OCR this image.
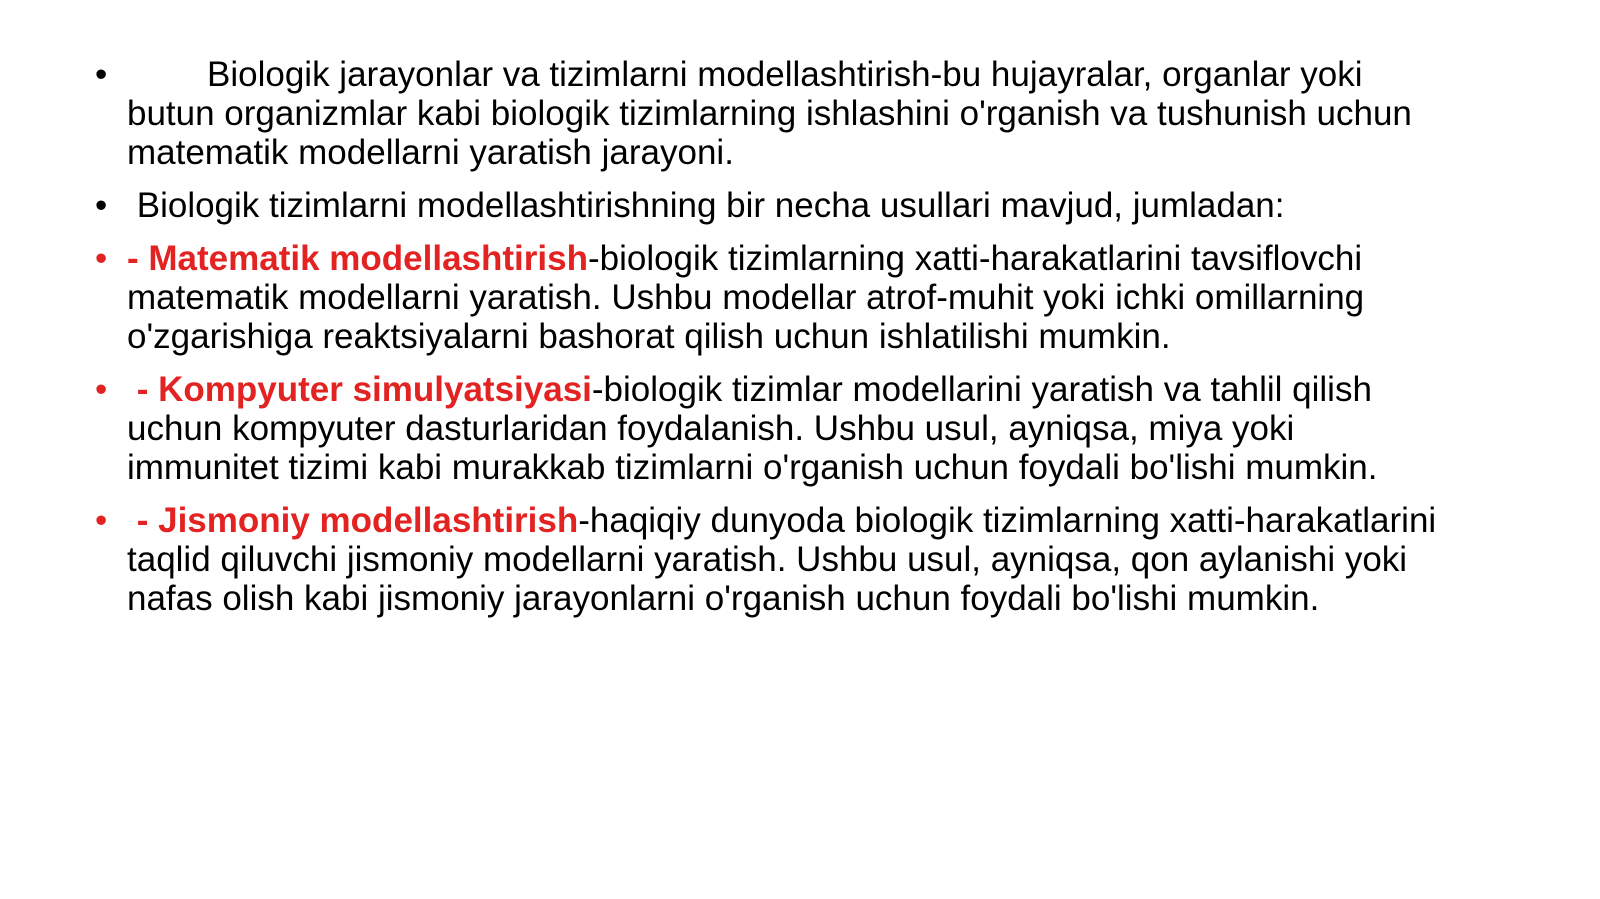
•	Biologik jarayonlar va tizimlarni modellashtirish-bu hujayralar, organlar yoki butun organizmlar kabi biologik tizimlarning ishlashini o'rganish va tushunish uchun matematik modellarni yaratish jarayoni.
• Biologik tizimlarni modellashtirishning bir necha usullari mavjud, jumladan:
• - Matematik modellashtirish-biologik tizimlarning xatti-harakatlarini tavsiflovchi matematik modellarni yaratish. Ushbu modellar atrof-muhit yoki ichki omillarning o'zgarishiga reaktsiyalarni bashorat qilish uchun ishlatilishi mumkin.
• - Kompyuter simulyatsiyasi-biologik tizimlar modellarini yaratish va tahlil qilish uchun kompyuter dasturlaridan foydalanish. Ushbu usul, ayniqsa, miya yoki immunitet tizimi kabi murakkab tizimlarni o'rganish uchun foydali bo'lishi mumkin.
• - Jismoniy modellashtirish-haqiqiy dunyoda biologik tizimlarning xatti-harakatlarini taqlid qiluvchi jismoniy modellarni yaratish. Ushbu usul, ayniqsa, qon aylanishi yoki nafas olish kabi jismoniy jarayonlarni o'rganish uchun foydali bo'lishi mumkin.
